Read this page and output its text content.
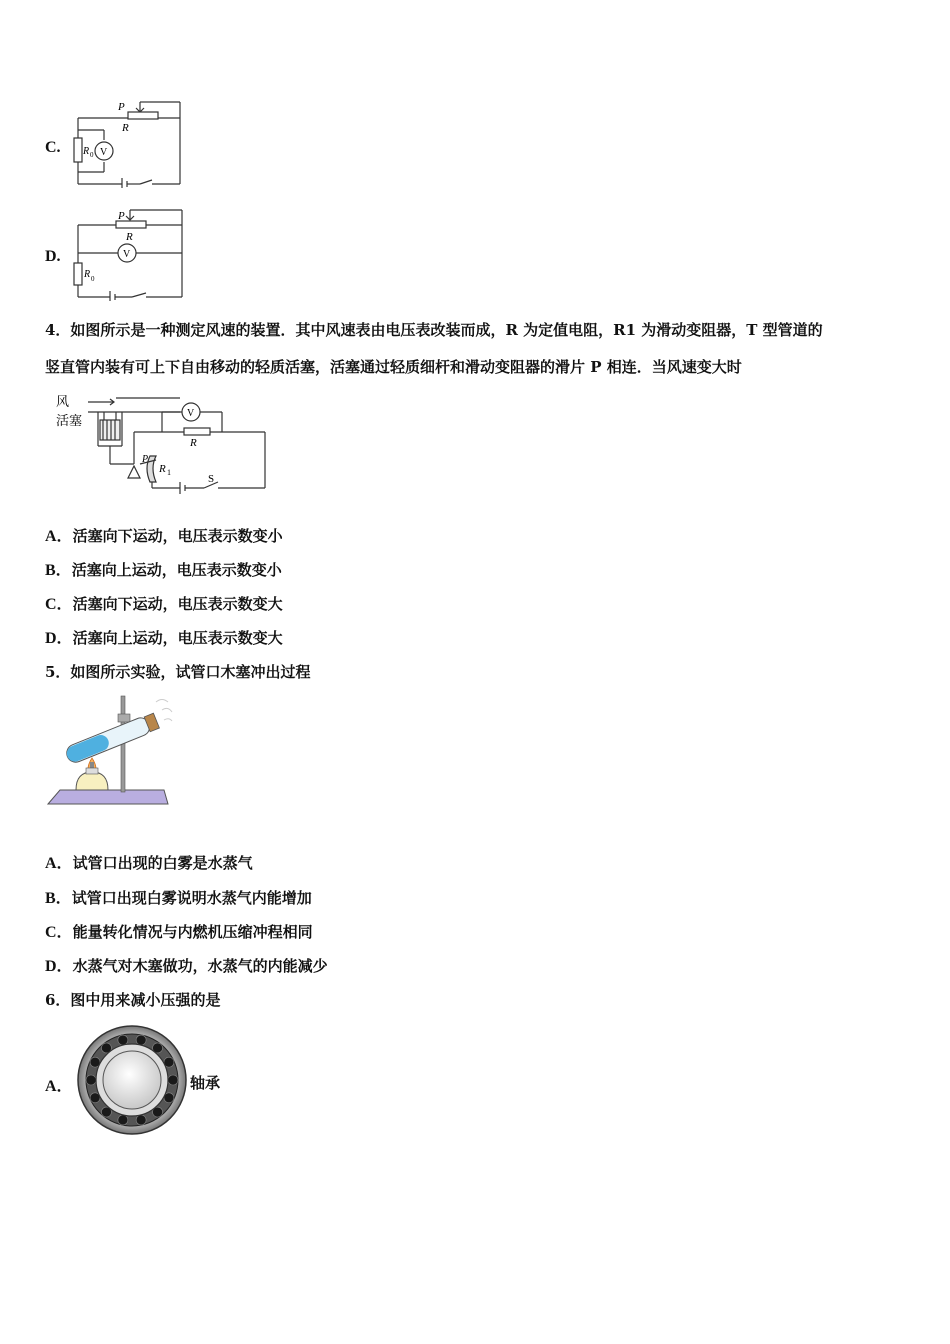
C.
P
R
R 0 V
D.
P
R
V
R 0
4．如图所示是一种测定风速的装置．其中风速表由电压表改装而成，R 为定值电阻，R1 为滑动变阻器，T 型管道的
竖直管内装有可上下自由移动的轻质活塞，活塞通过轻质细杆和滑动变阻器的滑片 P 相连．当风速变大时
风
活塞	V
R
P
R 1
S
A．活塞向下运动，电压表示数变小
B．活塞向上运动，电压表示数变小
C．活塞向下运动，电压表示数变大
D．活塞向上运动，电压表示数变大
5．如图所示实验，试管口木塞冲出过程
A．试管口出现的白雾是水蒸气
B．试管口出现白雾说明水蒸气内能增加
C．能量转化情况与内燃机压缩冲程相同
D．水蒸气对木塞做功，水蒸气的内能减少
6．图中用来减小压强的是
A．	轴承
